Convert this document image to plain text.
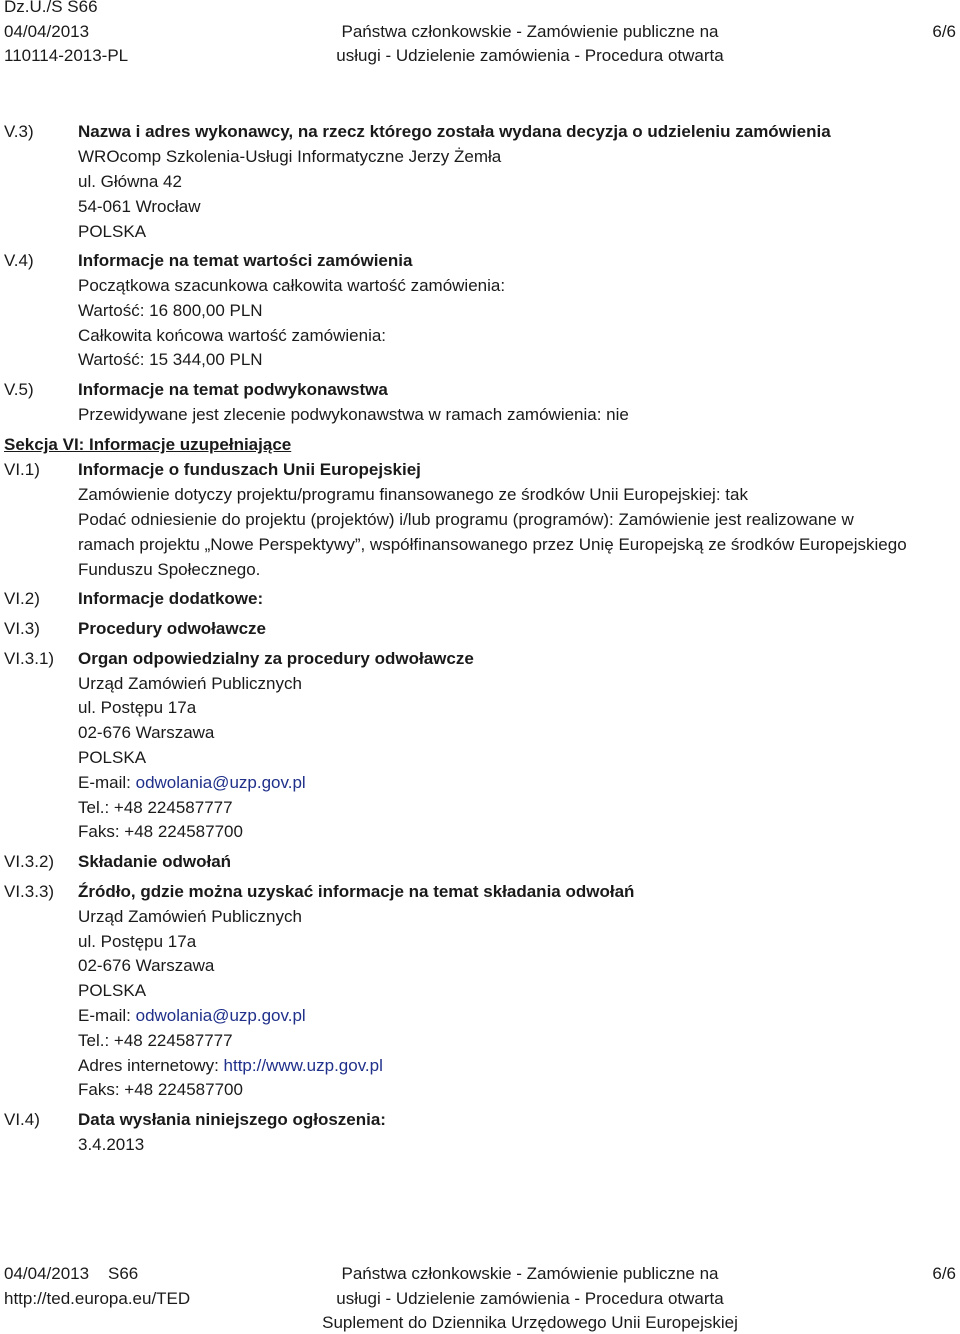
Dz.U./S S66
04/04/2013
110114-2013-PL
Państwa członkowskie - Zamówienie publiczne na
usługi - Udzielenie zamówienia - Procedura otwarta
6/6
V.3)	Nazwa i adres wykonawcy, na rzecz którego została wydana decyzja o udzieleniu zamówienia
WROcomp Szkolenia-Usługi Informatyczne Jerzy Żemła
ul. Główna 42
54-061 Wrocław
POLSKA
V.4)	Informacje na temat wartości zamówienia
Początkowa szacunkowa całkowita wartość zamówienia:
Wartość: 16 800,00 PLN
Całkowita końcowa wartość zamówienia:
Wartość: 15 344,00 PLN
V.5)	Informacje na temat podwykonawstwa
Przewidywane jest zlecenie podwykonawstwa w ramach zamówienia: nie
Sekcja VI: Informacje uzupełniające
VI.1) Informacje o funduszach Unii Europejskiej
Zamówienie dotyczy projektu/programu finansowanego ze środków Unii Europejskiej: tak
Podać odniesienie do projektu (projektów) i/lub programu (programów): Zamówienie jest realizowane w
ramach projektu „Nowe Perspektywy”, współfinansowanego przez Unię Europejską ze środków Europejskiego
Funduszu Społecznego.
VI.2) Informacje dodatkowe:
VI.3) Procedury odwoławcze
VI.3.1) Organ odpowiedzialny za procedury odwoławcze
Urząd Zamówień Publicznych
ul. Postępu 17a
02-676 Warszawa
POLSKA
E-mail: odwolania@uzp.gov.pl
Tel.: +48 224587777
Faks: +48 224587700
VI.3.2) Składanie odwołań
VI.3.3) Źródło, gdzie można uzyskać informacje na temat składania odwołań
Urząd Zamówień Publicznych
ul. Postępu 17a
02-676 Warszawa
POLSKA
E-mail: odwolania@uzp.gov.pl
Tel.: +48 224587777
Adres internetowy: http://www.uzp.gov.pl
Faks: +48 224587700
VI.4) Data wysłania niniejszego ogłoszenia:
3.4.2013
04/04/2013    S66
http://ted.europa.eu/TED
Państwa członkowskie - Zamówienie publiczne na
usługi - Udzielenie zamówienia - Procedura otwarta
Suplement do Dziennika Urzędowego Unii Europejskiej
6/6
